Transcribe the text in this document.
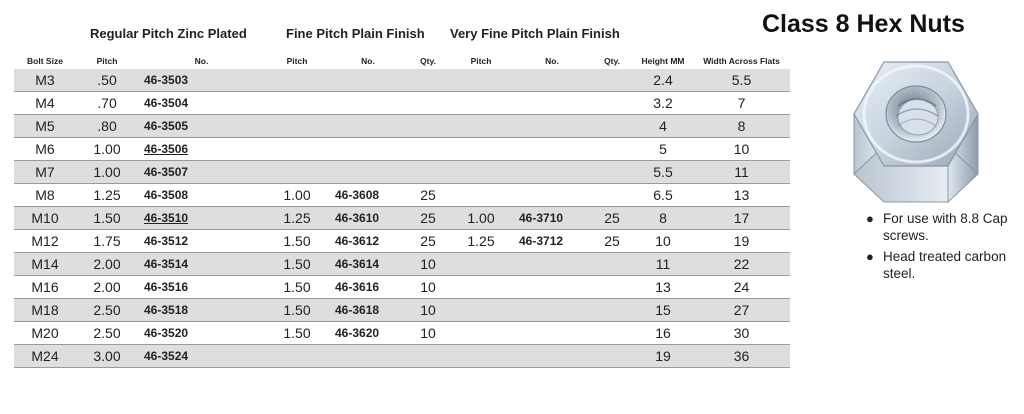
Regular Pitch Zinc Plated	Fine Pitch Plain Finish Very Fine Pitch Plain Finish
Bolt Size	Pitch	No.	Pitch	No.	Qty.	Pitch	No.	Qty.	Height MM	Width Across Flats
M3	.50	46-3503							2.4	5.5
M4	.70	46-3504							3.2	7
M5	.80	46-3505							4	8
M6	1.00	46-3506							5	10
M7	1.00	46-3507							5.5	11
M8	1.25	46-3508	1.00	46-3608	25				6.5	13
M10	1.50	46-3510	1.25	46-3610	25	1.00	46-3710	25	8	17
M12	1.75	46-3512	1.50	46-3612	25	1.25	46-3712	25	10	19
M14	2.00	46-3514	1.50	46-3614	10				11	22
M16	2.00	46-3516	1.50	46-3616	10				13	24
M18	2.50	46-3518	1.50	46-3618	10				15	27
M20	2.50	46-3520	1.50	46-3620	10				16	30
M24	3.00	46-3524							19	36
Class 8 Hex Nuts
● For use with 8.8 Cap screws.
● Head treated carbon steel.
